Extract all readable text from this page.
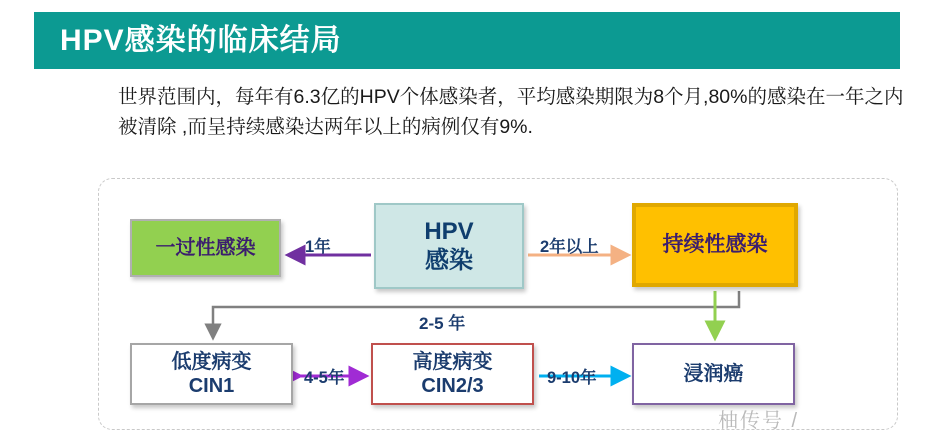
HPV感染的临床结局
世界范围内，每年有6.3亿的HPV个体感染者，平均感染期限为8个月,80%的感染在一年之内被清除 ,而呈持续感染达两年以上的病例仅有9%.
一过性感染
HPV
感染
持续性感染
低度病变
CIN1
高度病变
CIN2/3
浸润癌
1年	2年以上
2-5 年
4-5年	9-10年
柚传号 /
